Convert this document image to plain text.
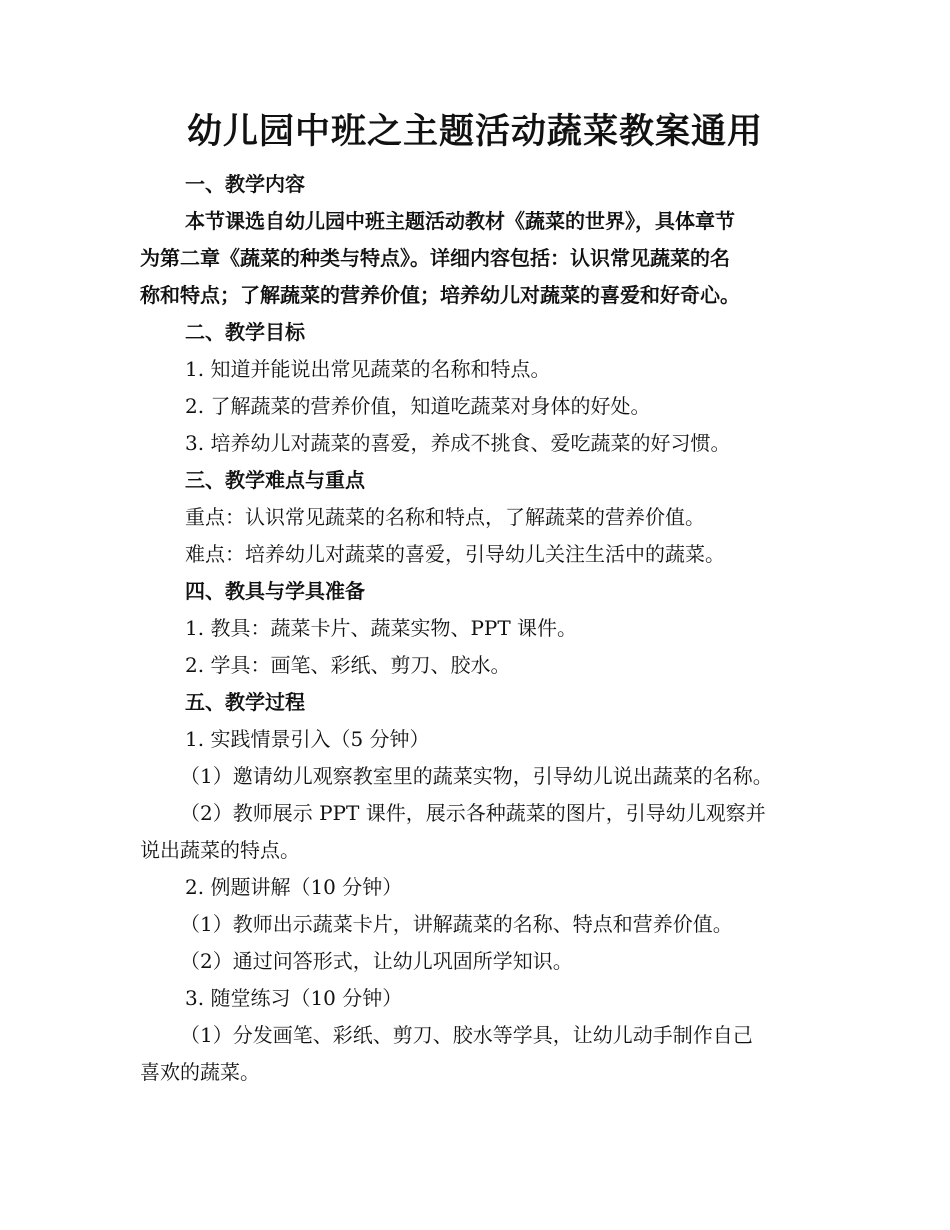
幼儿园中班之主题活动蔬菜教案通用

一、教学内容

本节课选自幼儿园中班主题活动教材《蔬菜的世界》，具体章节

为第二章《蔬菜的种类与特点》。详细内容包括：认识常见蔬菜的名

称和特点；了解蔬菜的营养价值；培养幼儿对蔬菜的喜爱和好奇心。

二、教学目标

1. 知道并能说出常见蔬菜的名称和特点。

2. 了解蔬菜的营养价值，知道吃蔬菜对身体的好处。

3. 培养幼儿对蔬菜的喜爱，养成不挑食、爱吃蔬菜的好习惯。

三、教学难点与重点

重点：认识常见蔬菜的名称和特点，了解蔬菜的营养价值。

难点：培养幼儿对蔬菜的喜爱，引导幼儿关注生活中的蔬菜。

四、教具与学具准备

1. 教具：蔬菜卡片、蔬菜实物、PPT 课件。

2. 学具：画笔、彩纸、剪刀、胶水。

五、教学过程

1. 实践情景引入（5 分钟）

（1）邀请幼儿观察教室里的蔬菜实物，引导幼儿说出蔬菜的名称。

（2）教师展示 PPT 课件，展示各种蔬菜的图片，引导幼儿观察并

说出蔬菜的特点。

2. 例题讲解（10 分钟）

（1）教师出示蔬菜卡片，讲解蔬菜的名称、特点和营养价值。

（2）通过问答形式，让幼儿巩固所学知识。

3. 随堂练习（10 分钟）

（1）分发画笔、彩纸、剪刀、胶水等学具，让幼儿动手制作自己

喜欢的蔬菜。
